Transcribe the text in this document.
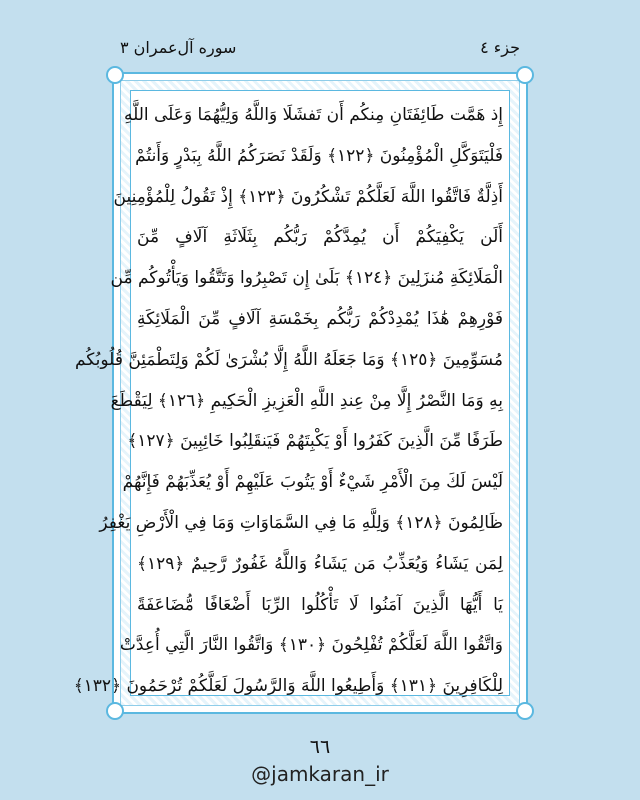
جزء ٤
سوره آل‌عمران ٣
إِذ هَمَّت طَائِفَتَانِ مِنكُم أَن تَفشَلَا وَاللَّهُ وَلِيُّهُمَا وَعَلَى اللَّهِ
فَلْيَتَوَكَّلِ الْمُؤْمِنُونَ ﴿١٢٢﴾ وَلَقَدْ نَصَرَكُمُ اللَّهُ بِبَدْرٍ وَأَنتُمْ
أَذِلَّةٌ فَاتَّقُوا اللَّهَ لَعَلَّكُمْ تَشْكُرُونَ ﴿١٢٣﴾ إِذْ تَقُولُ لِلْمُؤْمِنِينَ
أَلَن يَكْفِيَكُمْ أَن يُمِدَّكُمْ رَبُّكُم بِثَلَاثَةِ آلَافٍ مِّنَ
الْمَلَائِكَةِ مُنزَلِينَ ﴿١٢٤﴾ بَلَىٰ إِن تَصْبِرُوا وَتَتَّقُوا وَيَأْتُوكُم مِّن
فَوْرِهِمْ هَٰذَا يُمْدِدْكُمْ رَبُّكُم بِخَمْسَةِ آلَافٍ مِّنَ الْمَلَائِكَةِ
مُسَوِّمِينَ ﴿١٢٥﴾ وَمَا جَعَلَهُ اللَّهُ إِلَّا بُشْرَىٰ لَكُمْ وَلِتَطْمَئِنَّ قُلُوبُكُم
بِهِ وَمَا النَّصْرُ إِلَّا مِنْ عِندِ اللَّهِ الْعَزِيزِ الْحَكِيمِ ﴿١٢٦﴾ لِيَقْطَعَ
طَرَفًا مِّنَ الَّذِينَ كَفَرُوا أَوْ يَكْبِتَهُمْ فَيَنقَلِبُوا خَائِبِينَ ﴿١٢٧﴾
لَيْسَ لَكَ مِنَ الْأَمْرِ شَيْءٌ أَوْ يَتُوبَ عَلَيْهِمْ أَوْ يُعَذِّبَهُمْ فَإِنَّهُمْ
ظَالِمُونَ ﴿١٢٨﴾ وَلِلَّهِ مَا فِي السَّمَاوَاتِ وَمَا فِي الْأَرْضِ يَغْفِرُ
لِمَن يَشَاءُ وَيُعَذِّبُ مَن يَشَاءُ وَاللَّهُ غَفُورٌ رَّحِيمٌ ﴿١٢٩﴾
يَا أَيُّهَا الَّذِينَ آمَنُوا لَا تَأْكُلُوا الرِّبَا أَضْعَافًا مُّضَاعَفَةً
وَاتَّقُوا اللَّهَ لَعَلَّكُمْ تُفْلِحُونَ ﴿١٣٠﴾ وَاتَّقُوا النَّارَ الَّتِي أُعِدَّتْ
لِلْكَافِرِينَ ﴿١٣١﴾ وَأَطِيعُوا اللَّهَ وَالرَّسُولَ لَعَلَّكُمْ تُرْحَمُونَ ﴿١٣٢﴾
٦٦
@jamkaran_ir
